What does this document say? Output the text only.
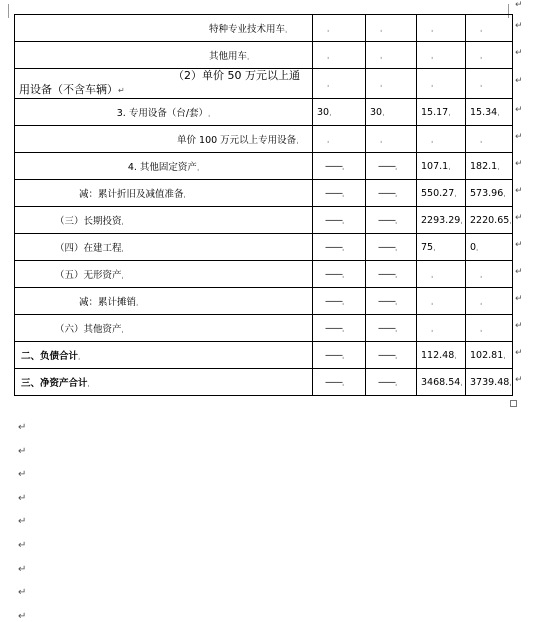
特种专业技术用车ˌ	ˌ	ˌ	ˌ	ˌ
其他用车ˌ	ˌ	ˌ	ˌ	ˌ

（2）单价 50 万元以上通
用设备（不含车辆）↵	ˌ	ˌ	ˌ	ˌ
3. 专用设备（台/套）ˌ	30ˌ	30ˌ	15.17ˌ	15.34ˌ
单价 100 万元以上专用设备ˌ	ˌ	ˌ	ˌ	ˌ
4. 其他固定资产ˌ	——ˌ	——ˌ	107.1ˌ	182.1ˌ
减：累计折旧及减值准备ˌ	——ˌ	——ˌ	550.27ˌ	573.96ˌ
（三）长期投资ˌ	——ˌ	——ˌ	2293.29ˌ	2220.65ˌ
（四）在建工程ˌ	——ˌ	——ˌ	75ˌ	0ˌ
（五）无形资产ˌ	——ˌ	——ˌ	ˌ	ˌ
减：累计摊销ˌ	——ˌ	——ˌ	ˌ	ˌ
（六）其他资产ˌ	——ˌ	——ˌ	ˌ	ˌ
二、负债合计ˌ	——ˌ	——ˌ	112.48ˌ	102.81ˌ
三、净资产合计ˌ	——ˌ	——ˌ	3468.54ˌ	3739.48ˌ
↵
↵
↵
↵
↵
↵
↵
↵
↵
↵
↵
↵
↵
↵
↵
↵
↵
↵
↵
↵
↵
↵
↵
↵
